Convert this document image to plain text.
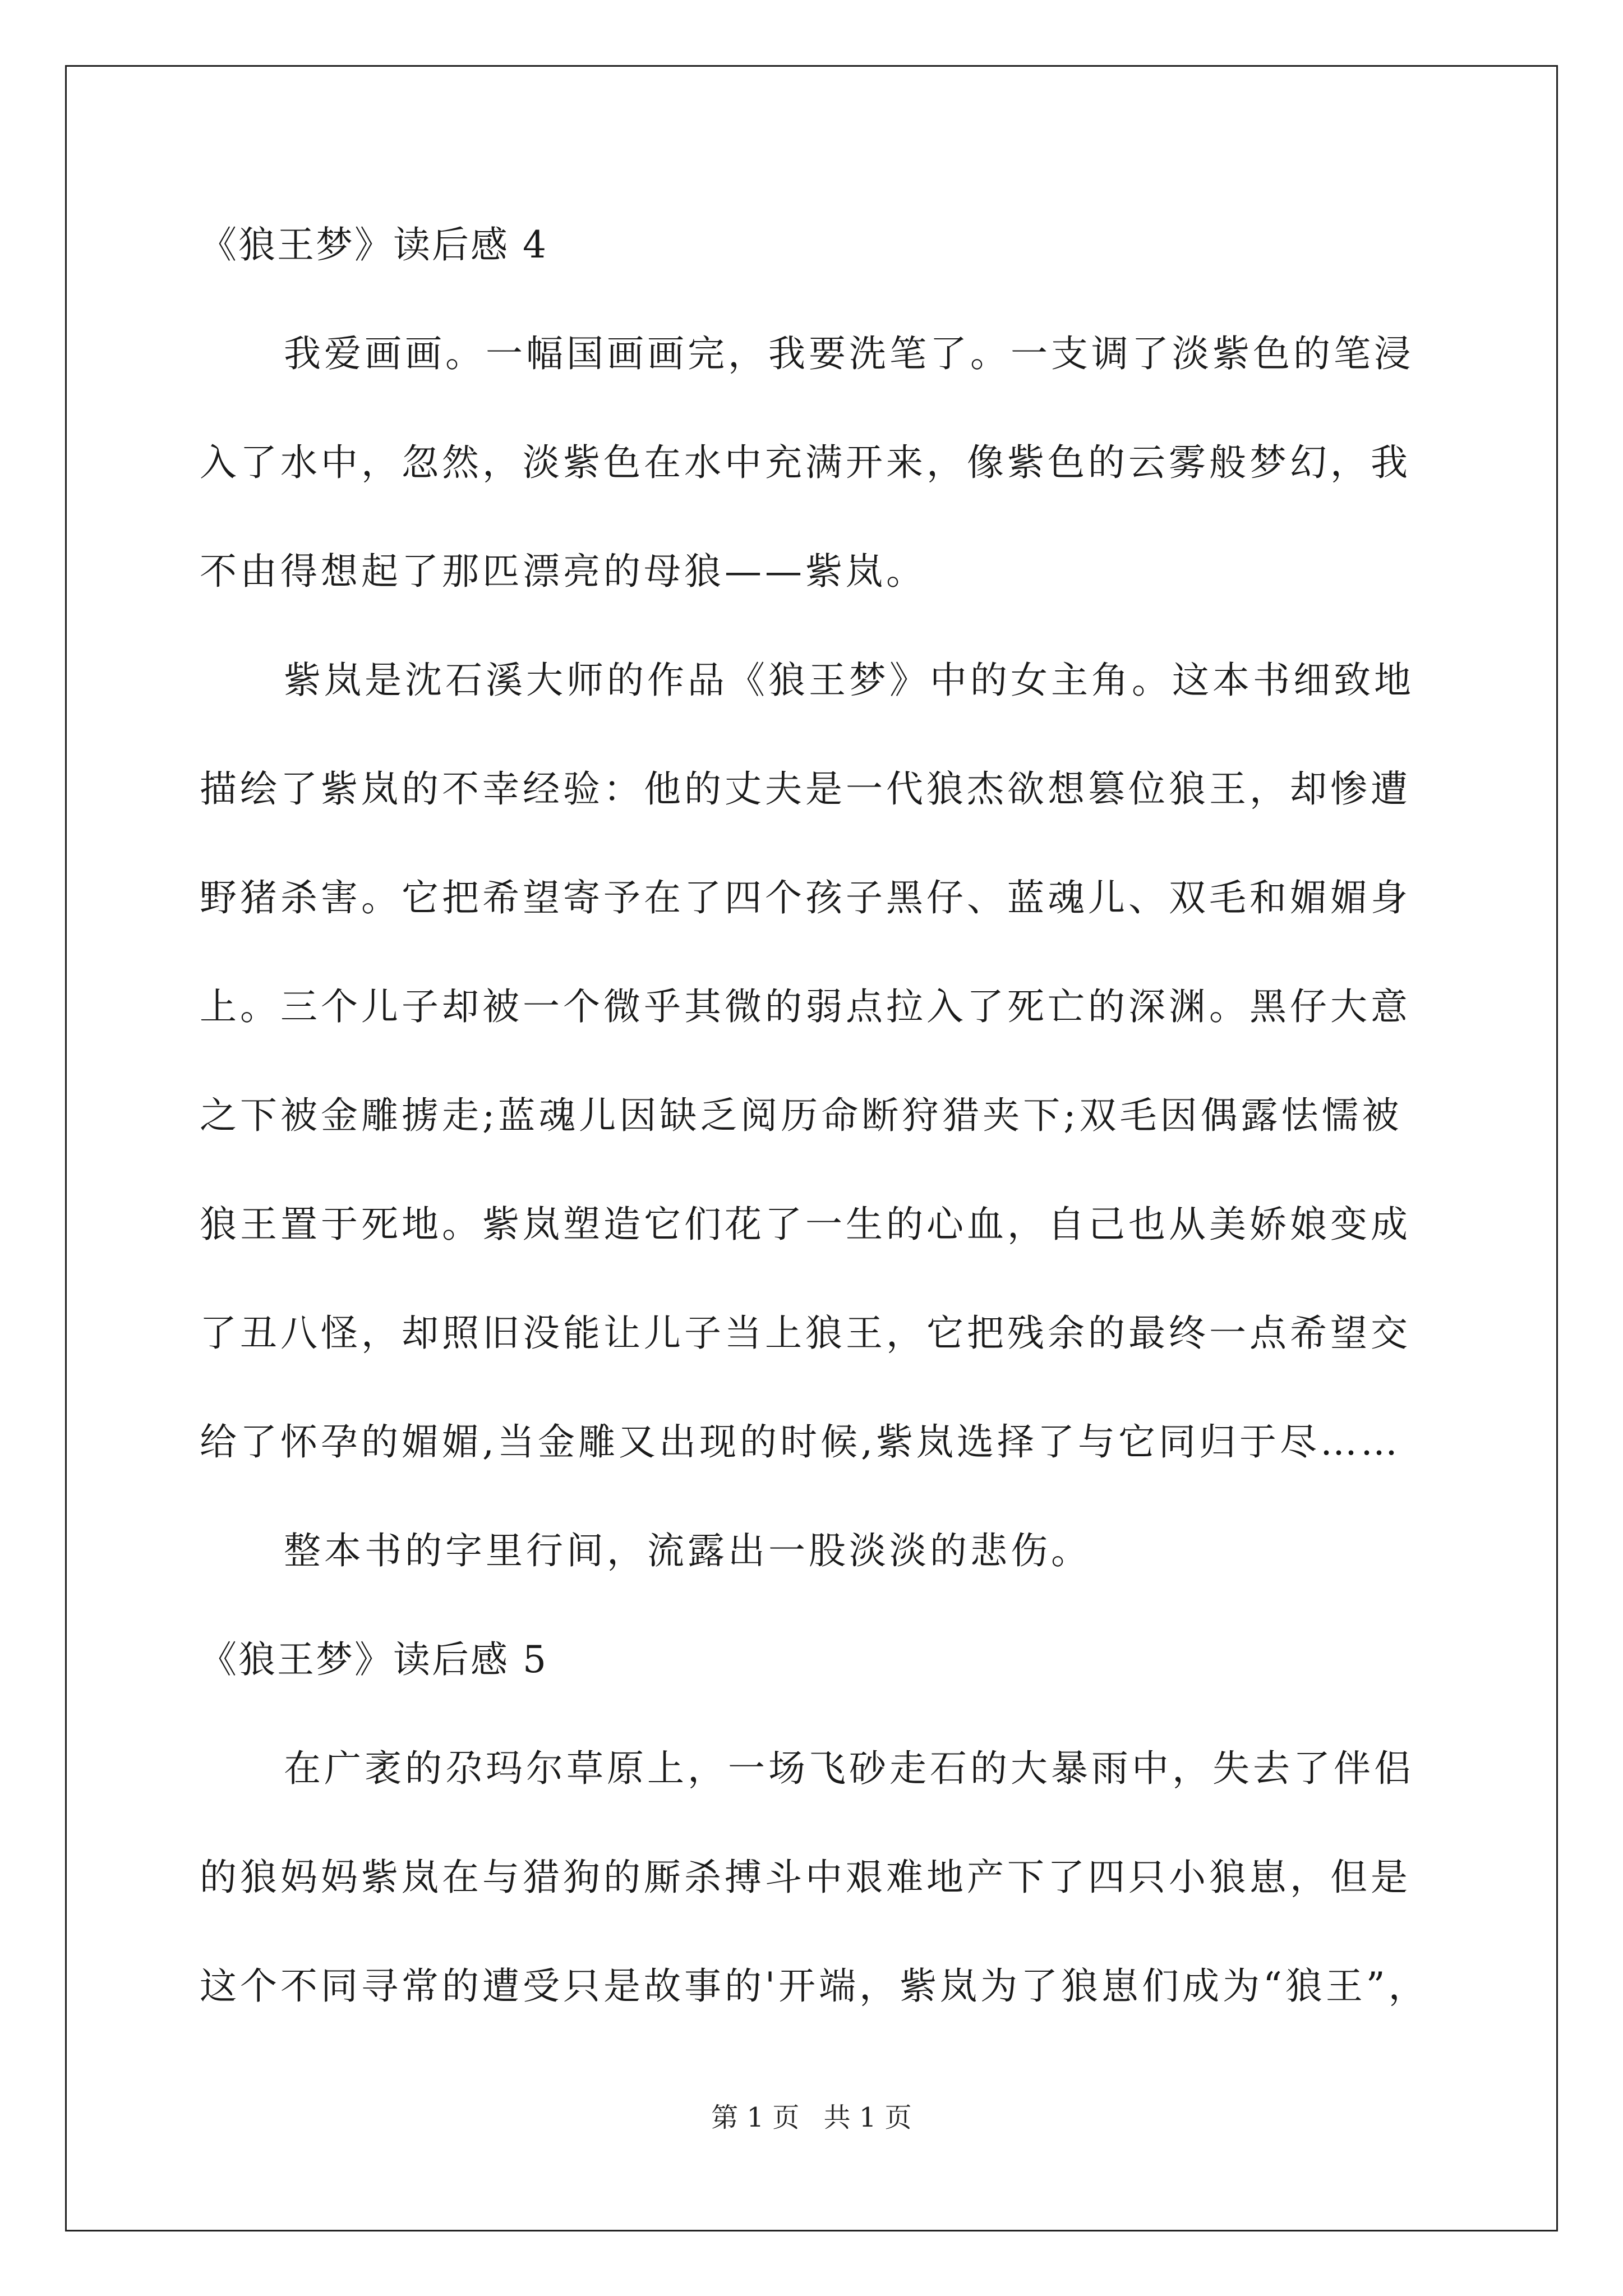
《狼王梦》读后感 4
我爱画画。一幅国画画完，我要洗笔了。一支调了淡紫色的笔浸
入了水中，忽然，淡紫色在水中充满开来，像紫色的云雾般梦幻，我
不由得想起了那匹漂亮的母狼——紫岚。
紫岚是沈石溪大师的作品《狼王梦》中的女主角。这本书细致地
描绘了紫岚的不幸经验：他的丈夫是一代狼杰欲想篡位狼王，却惨遭
野猪杀害。它把希望寄予在了四个孩子黑仔、蓝魂儿、双毛和媚媚身
上。三个儿子却被一个微乎其微的弱点拉入了死亡的深渊。黑仔大意
之下被金雕掳走;蓝魂儿因缺乏阅历命断狩猎夹下;双毛因偶露怯懦被
狼王置于死地。紫岚塑造它们花了一生的心血，自己也从美娇娘变成
了丑八怪，却照旧没能让儿子当上狼王，它把残余的最终一点希望交
给了怀孕的媚媚,当金雕又出现的时候,紫岚选择了与它同归于尽……
整本书的字里行间，流露出一股淡淡的悲伤。
《狼王梦》读后感 5
在广袤的尕玛尔草原上，一场飞砂走石的大暴雨中，失去了伴侣
的狼妈妈紫岚在与猎狗的厮杀搏斗中艰难地产下了四只小狼崽，但是
这个不同寻常的遭受只是故事的'开端，紫岚为了狼崽们成为“狼王”，
第 1 页 共 1 页
